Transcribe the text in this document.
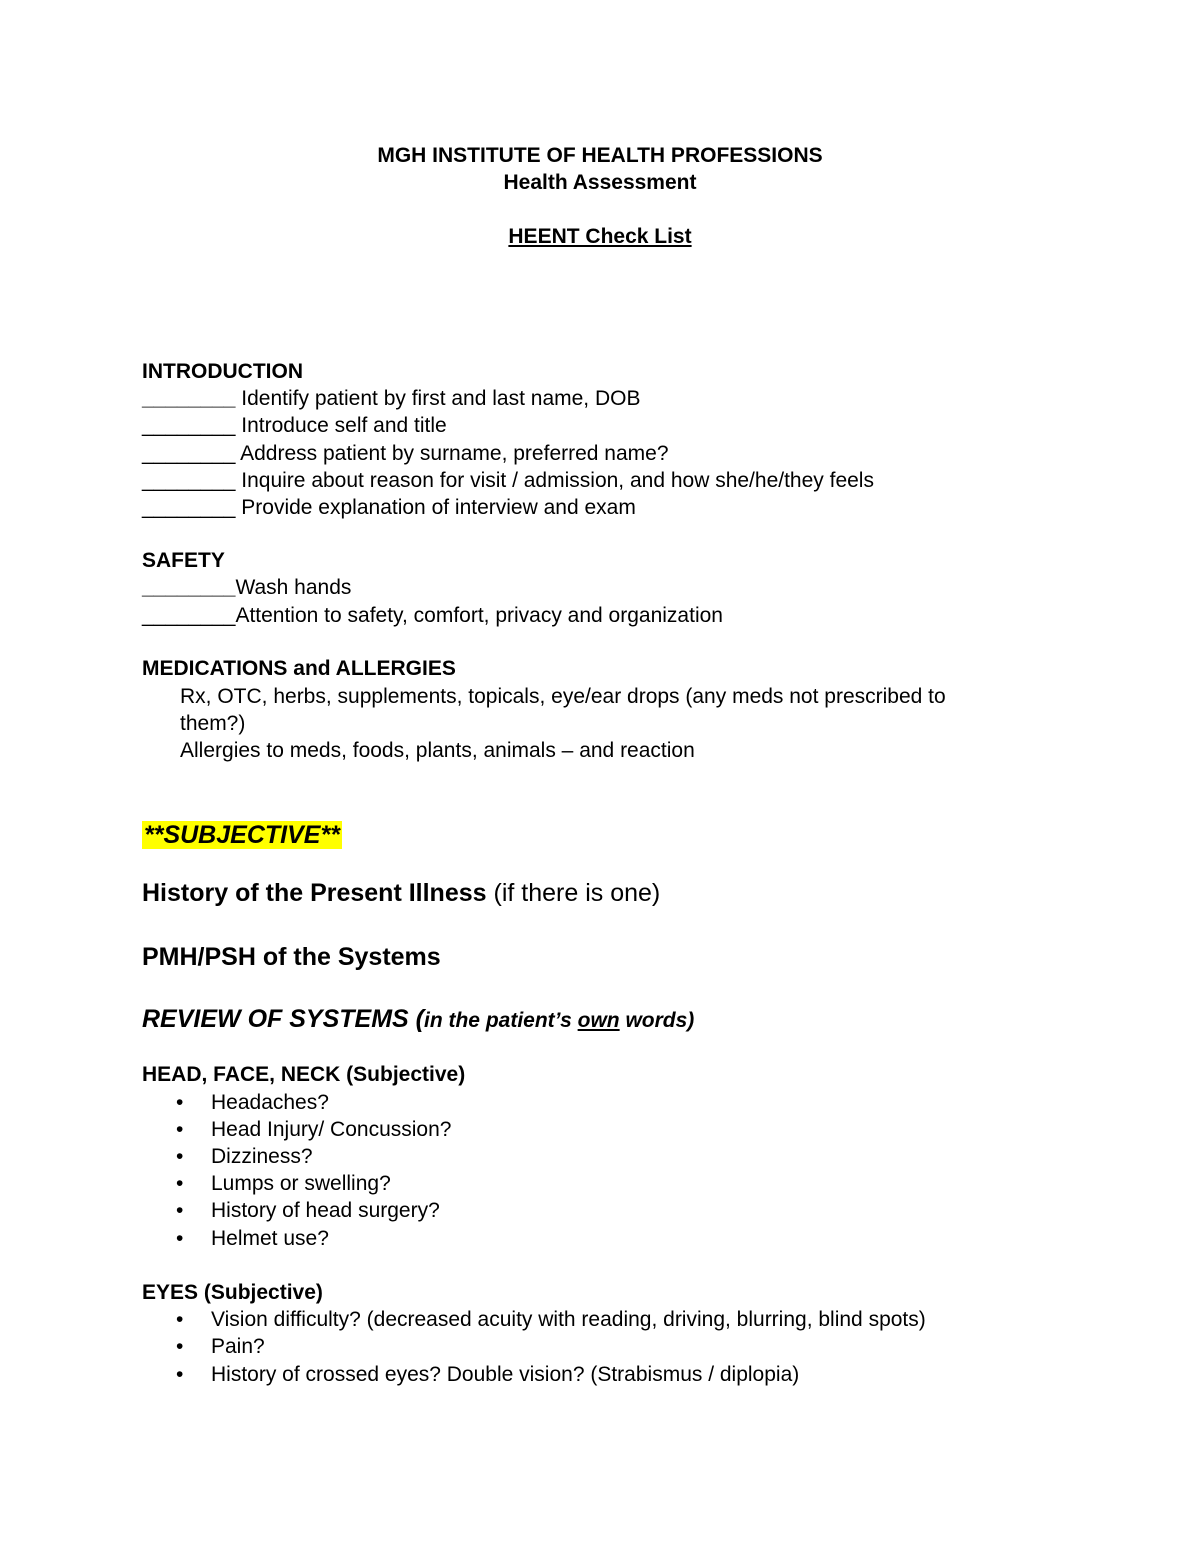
MGH INSTITUTE OF HEALTH PROFESSIONS
Health Assessment
HEENT Check List
INTRODUCTION
________ Identify patient by first and last name, DOB
________ Introduce self and title
________ Address patient by surname, preferred name?
________ Inquire about reason for visit / admission, and how she/he/they feels
________ Provide explanation of interview and exam
SAFETY
________Wash hands
________Attention to safety, comfort, privacy and organization
MEDICATIONS and ALLERGIES
Rx, OTC, herbs, supplements, topicals, eye/ear drops (any meds not prescribed to
them?)
Allergies to meds, foods, plants, animals – and reaction
**SUBJECTIVE**
History of the Present Illness (if there is one)
PMH/PSH of the Systems
REVIEW OF SYSTEMS (in the patient’s own words)
HEAD, FACE, NECK (Subjective)
• Headaches?
• Head Injury/ Concussion?
• Dizziness?
• Lumps or swelling?
• History of head surgery?
• Helmet use?
EYES (Subjective)
• Vision difficulty? (decreased acuity with reading, driving, blurring, blind spots)
• Pain?
• History of crossed eyes? Double vision? (Strabismus / diplopia)
